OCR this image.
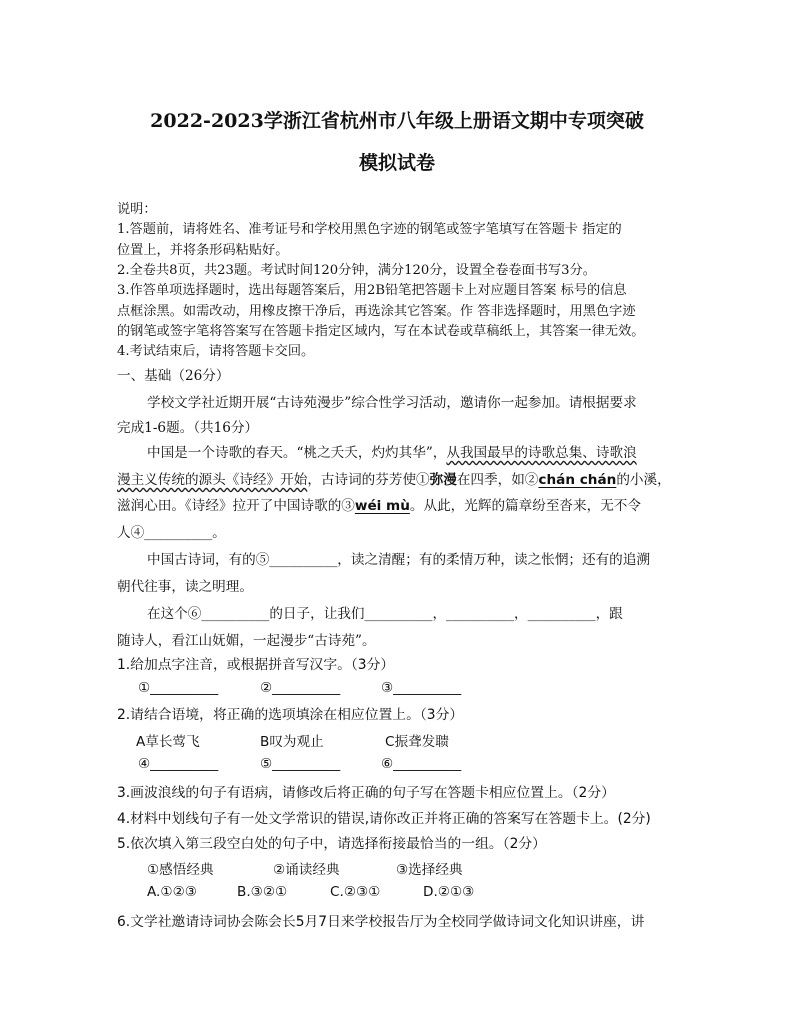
2022-2023学浙江省杭州市八年级上册语文期中专项突破
模拟试卷
说明：
1.答题前，请将姓名、准考证号和学校用黑色字迹的钢笔或签字笔填写在答题卡 指定的
位置上，并将条形码粘贴好。
2.全卷共8页，共23题。考试时间120分钟，满分120分，设置全卷卷面书写3分。
3.作答单项选择题时，选出每题答案后，用2B铅笔把答题卡上对应题目答案 标号的信息
点框涂黑。如需改动，用橡皮擦干净后，再选涂其它答案。作 答非选择题时，用黑色字迹
的钢笔或签字笔将答案写在答题卡指定区域内，写在本试卷或草稿纸上，其答案一律无效。
4.考试结束后，请将答题卡交回。
一、基础（26分）
学校文学社近期开展“古诗苑漫步”综合性学习活动，邀请你一起参加。请根据要求
完成1-6题。（共16分）
中国是一个诗歌的春天。“桃之夭夭，灼灼其华”，从我国最早的诗歌总集、诗歌浪
漫主义传统的源头《诗经》开始，古诗词的芬芳使①弥漫在四季，如②chán chán的小溪，
滋润心田。《诗经》拉开了中国诗歌的③wéi mù。从此，光辉的篇章纷至沓来，无不令
人④__________。
中国古诗词，有的⑤__________，读之清醒；有的柔情万种，读之怅惘；还有的追溯
朝代往事，读之明理。
在这个⑥__________的日子，让我们__________，__________，__________，跟
随诗人，看江山妩媚，一起漫步“古诗苑”。
1.给加点字注音，或根据拼音写汉字。（3分）
①__________	②__________	③__________
2.请结合语境，将正确的选项填涂在相应位置上。（3分）
A草长莺飞	B叹为观止	C振聋发聩
④__________	⑤__________	⑥__________
3.画波浪线的句子有语病，请修改后将正确的句子写在答题卡相应位置上。（2分）
4.材料中划线句子有一处文学常识的错误,请你改正并将正确的答案写在答题卡上。(2分)
5.依次填入第三段空白处的句子中，请选择衔接最恰当的一组。（2分）
①感悟经典	②诵读经典	③选择经典
A.①②③	B.③②①	C.②③①	D.②①③
6.文学社邀请诗词协会陈会长5月7日来学校报告厅为全校同学做诗词文化知识讲座，讲
